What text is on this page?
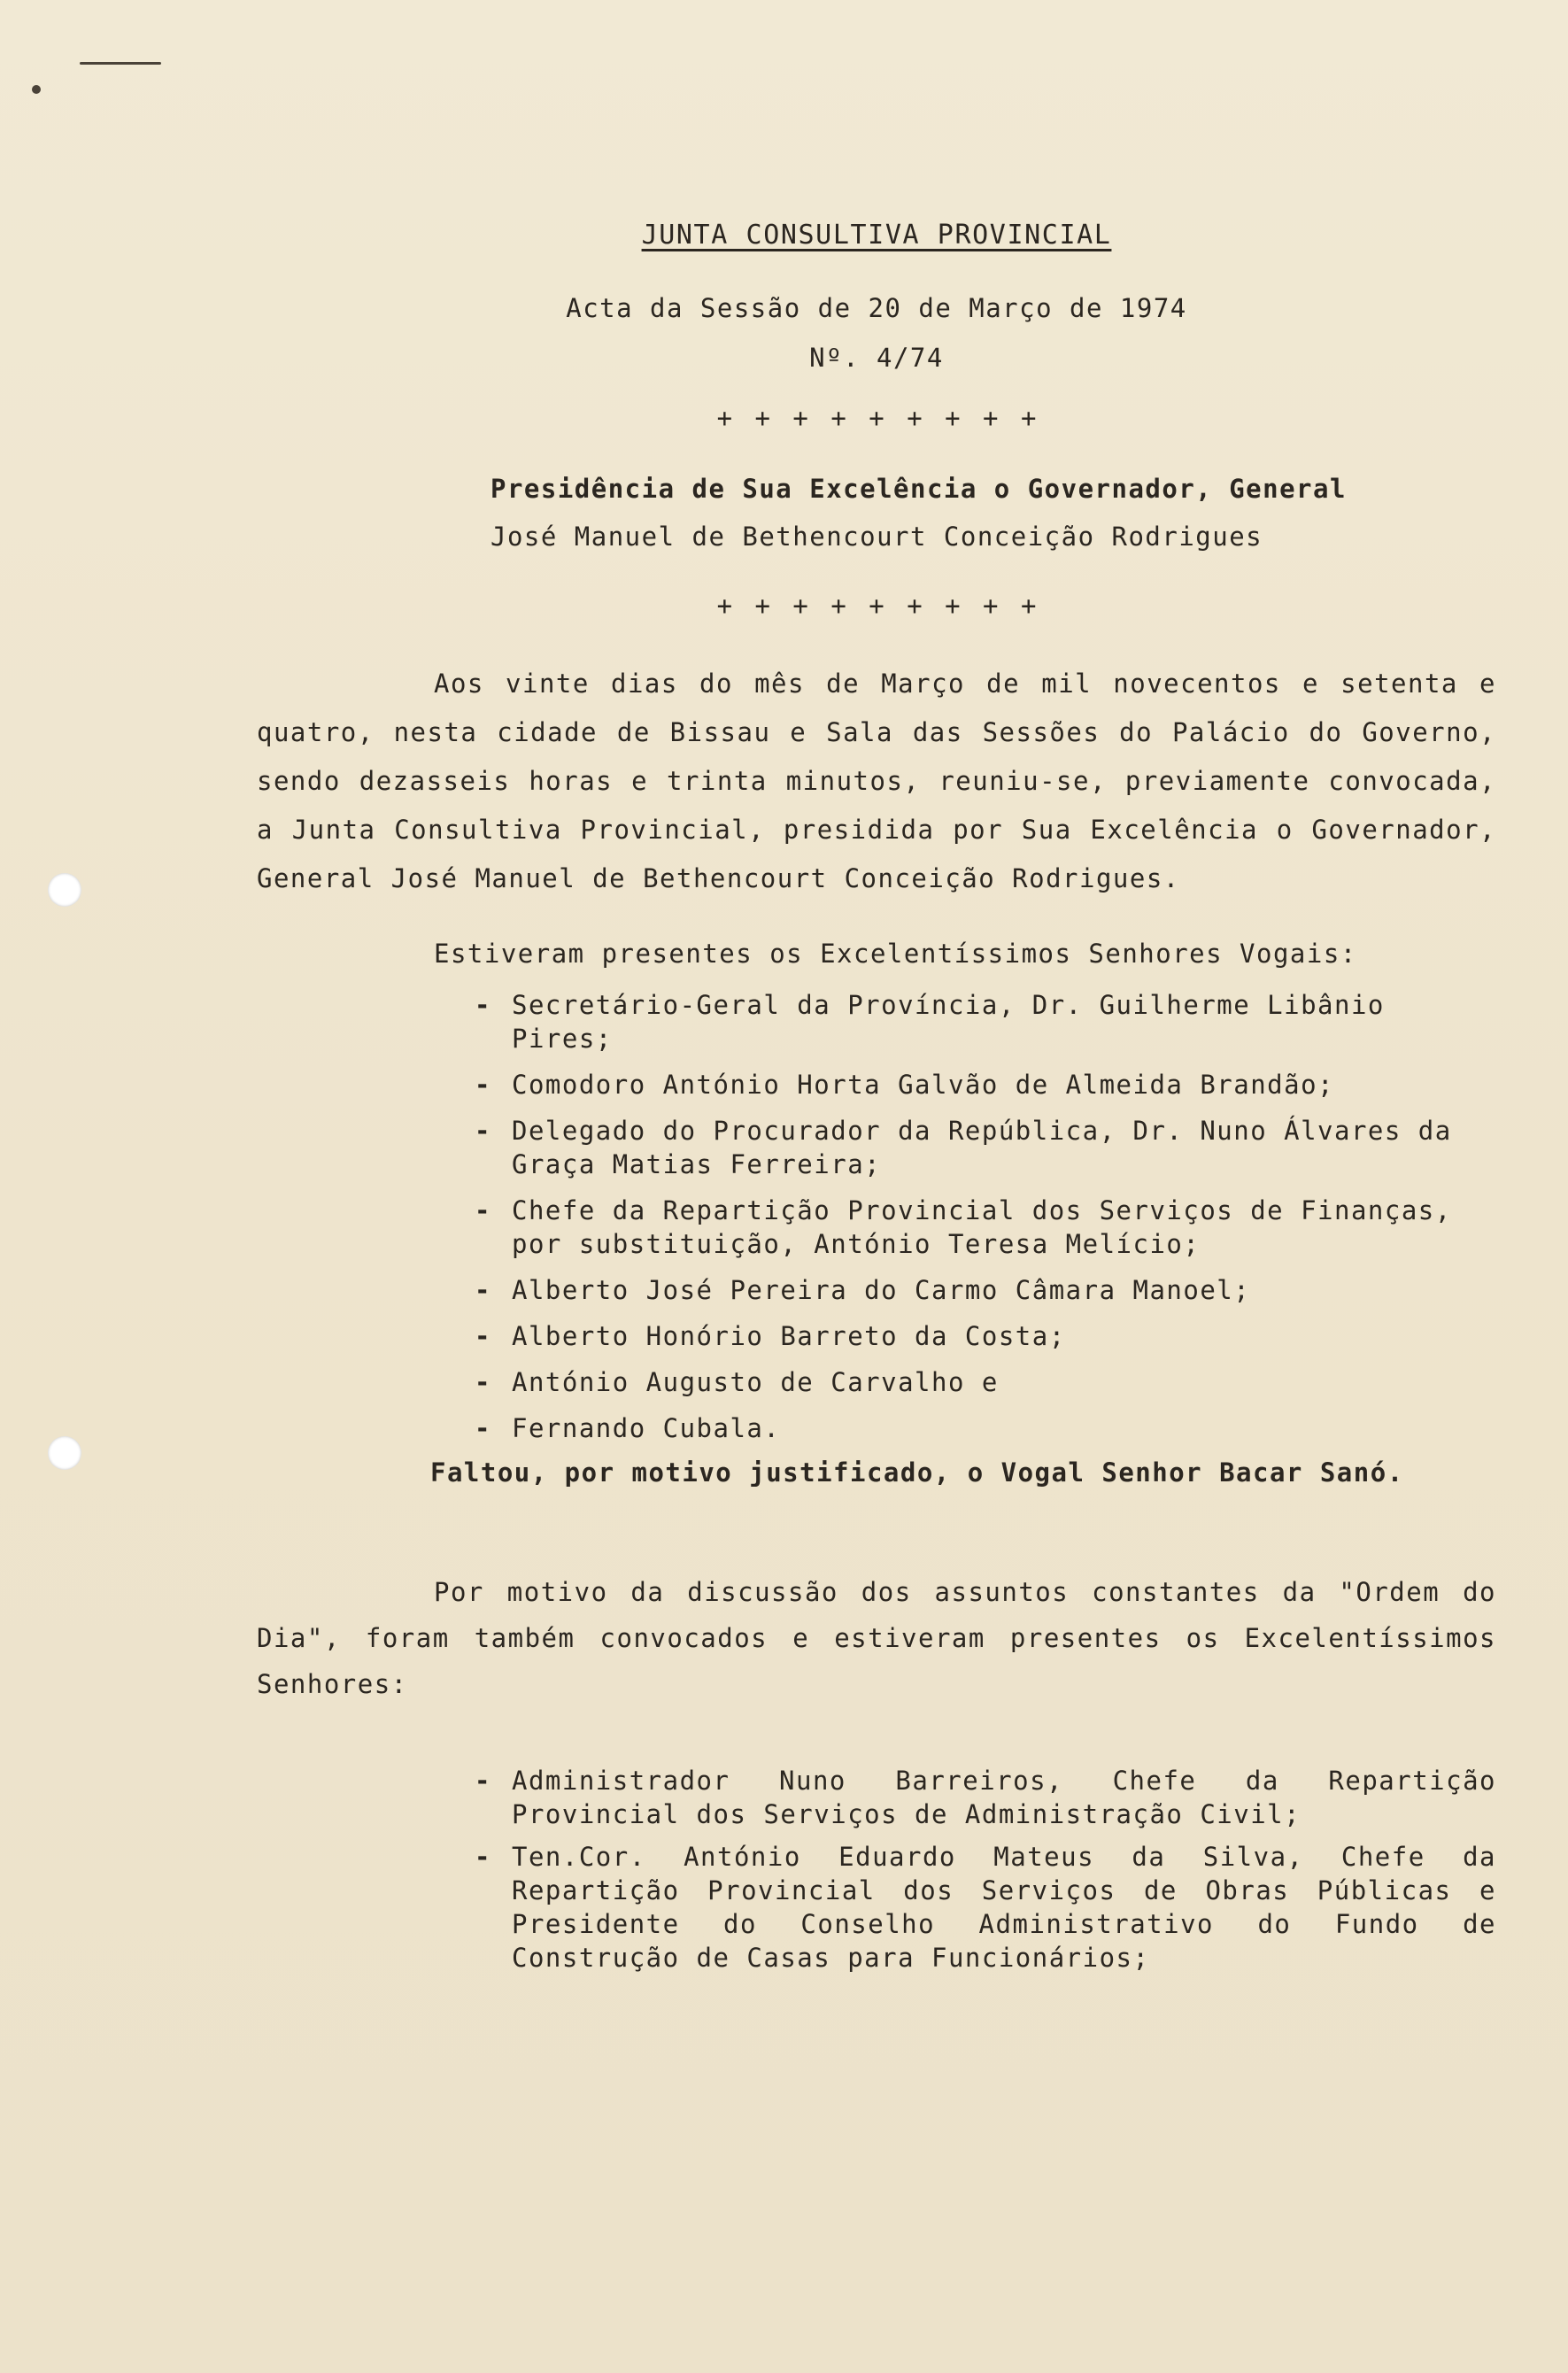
JUNTA CONSULTIVA PROVINCIAL
Acta da Sessão de 20 de Março de 1974
Nº. 4/74
+ + + + + + + + +
Presidência de Sua Excelência o Governador, General
José Manuel de Bethencourt Conceição Rodrigues
+ + + + + + + + +
Aos vinte dias do mês de Março de mil novecentos e setenta e quatro, nesta cidade de Bissau e Sala das Sessões do Palácio do Governo, sendo dezasseis horas e trinta minutos, reuniu-se, previamente convocada, a Junta Consultiva Provincial, presidida por Sua Excelência o Governador, General José Manuel de Bethencourt Conceição Rodrigues.
Estiveram presentes os Excelentíssimos Senhores Vogais:
- Secretário-Geral da Província, Dr. Guilherme Libânio Pires;
- Comodoro António Horta Galvão de Almeida Brandão;
- Delegado do Procurador da República, Dr. Nuno Álvares da Graça Matias Ferreira;
- Chefe da Repartição Provincial dos Serviços de Finanças, por substituição, António Teresa Melício;
- Alberto José Pereira do Carmo Câmara Manoel;
- Alberto Honório Barreto da Costa;
- António Augusto de Carvalho e
- Fernando Cubala.
Faltou, por motivo justificado, o Vogal Senhor Bacar Sanó.
Por motivo da discussão dos assuntos constantes da "Ordem do Dia", foram também convocados e estiveram presentes os Excelentíssimos Senhores:
- Administrador Nuno Barreiros, Chefe da Repartição Provincial dos Serviços de Administração Civil;
- Ten.Cor. António Eduardo Mateus da Silva, Chefe da Repartição Provincial dos Serviços de Obras Públicas e Presidente do Conselho Administrativo do Fundo de Construção de Casas para Funcionários;
